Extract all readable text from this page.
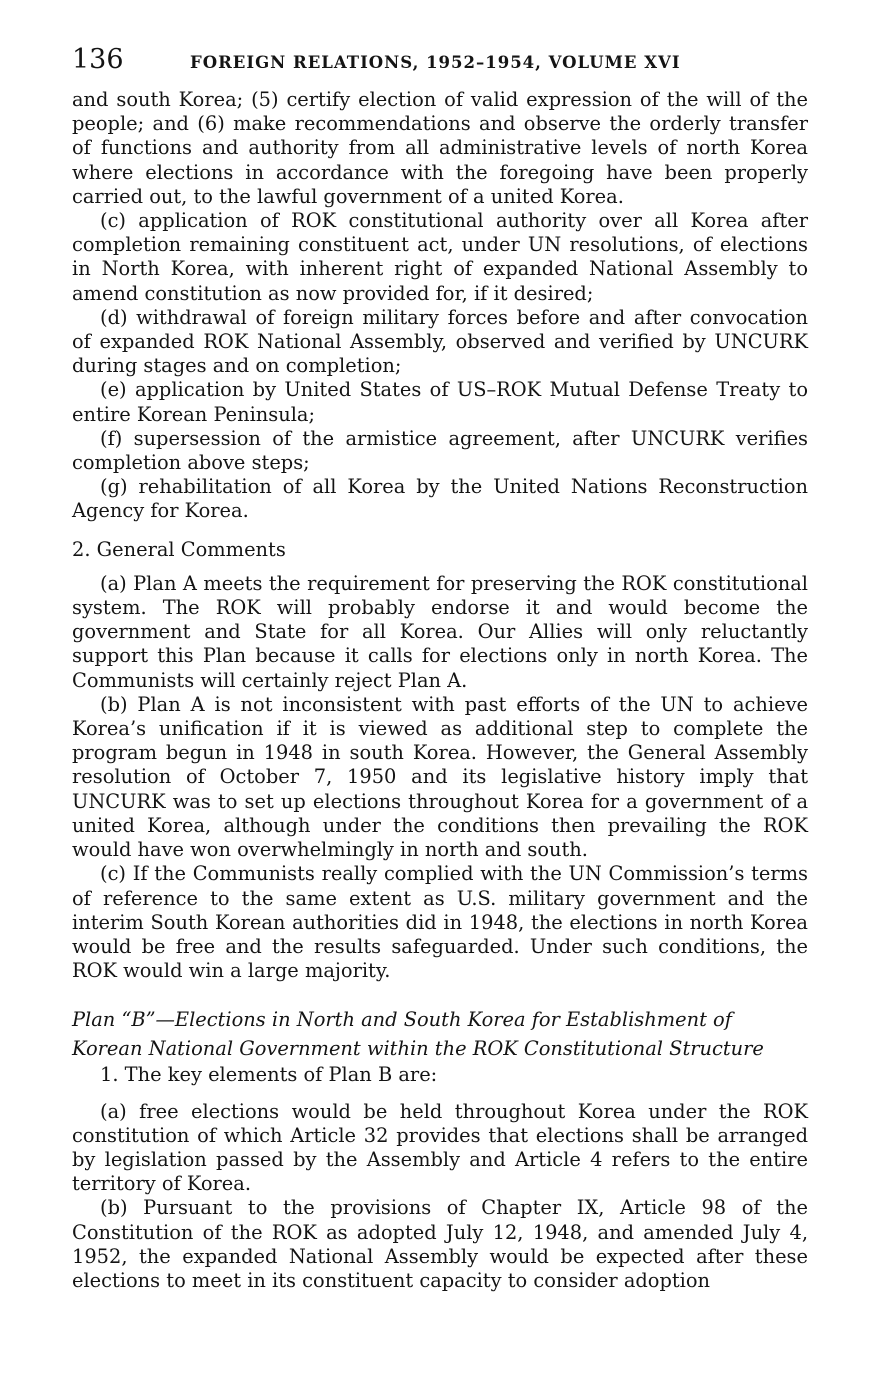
136	FOREIGN RELATIONS, 1952–1954, VOLUME XVI

and south Korea; (5) certify election of valid expression of the will of the people; and (6) make recommendations and observe the orderly transfer of functions and authority from all administrative levels of north Korea where elections in accordance with the foregoing have been properly carried out, to the lawful government of a united Korea.

(c) application of ROK constitutional authority over all Korea after completion remaining constituent act, under UN resolutions, of elections in North Korea, with inherent right of expanded National Assembly to amend constitution as now provided for, if it desired;

(d) withdrawal of foreign military forces before and after convocation of expanded ROK National Assembly, observed and verified by UNCURK during stages and on completion;

(e) application by United States of US–ROK Mutual Defense Treaty to entire Korean Peninsula;

(f) supersession of the armistice agreement, after UNCURK verifies completion above steps;

(g) rehabilitation of all Korea by the United Nations Reconstruction Agency for Korea.

2. General Comments

(a) Plan A meets the requirement for preserving the ROK constitutional system. The ROK will probably endorse it and would become the government and State for all Korea. Our Allies will only reluctantly support this Plan because it calls for elections only in north Korea. The Communists will certainly reject Plan A.

(b) Plan A is not inconsistent with past efforts of the UN to achieve Korea’s unification if it is viewed as additional step to complete the program begun in 1948 in south Korea. However, the General Assembly resolution of October 7, 1950 and its legislative history imply that UNCURK was to set up elections throughout Korea for a government of a united Korea, although under the conditions then prevailing the ROK would have won overwhelmingly in north and south.

(c) If the Communists really complied with the UN Commission’s terms of reference to the same extent as U.S. military government and the interim South Korean authorities did in 1948, the elections in north Korea would be free and the results safeguarded. Under such conditions, the ROK would win a large majority.

Plan “B”—Elections in North and South Korea for Establishment of Korean National Government within the ROK Constitutional Structure

1. The key elements of Plan B are:

(a) free elections would be held throughout Korea under the ROK constitution of which Article 32 provides that elections shall be arranged by legislation passed by the Assembly and Article 4 refers to the entire territory of Korea.

(b) Pursuant to the provisions of Chapter IX, Article 98 of the Constitution of the ROK as adopted July 12, 1948, and amended July 4, 1952, the expanded National Assembly would be expected after these elections to meet in its constituent capacity to consider adoption
